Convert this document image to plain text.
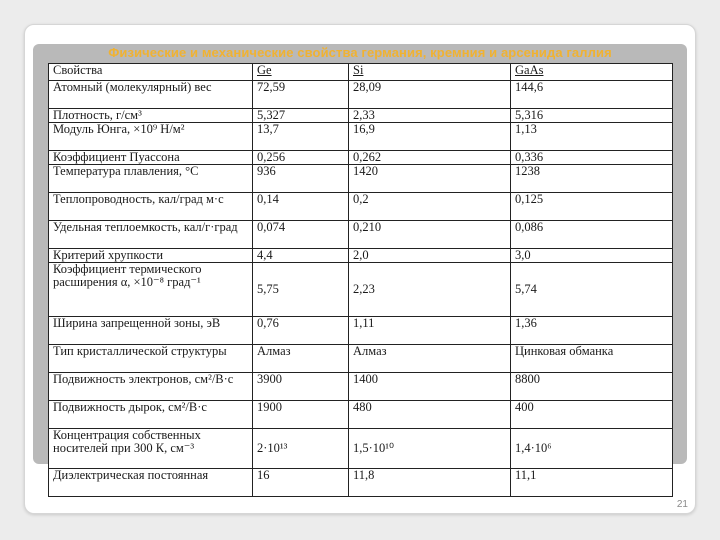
Физические и механические свойства германия, кремния и арсенида галлия
Свойства	Ge	Si	GaAs
Атомный (молекулярный) вес	72,59	28,09	144,6
Плотность, г/см³	5,327	2,33	5,316
Модуль Юнга, ×10⁹ Н/м²	13,7	16,9	1,13
Коэффициент Пуассона	0,256	0,262	0,336
Температура плавления, °С	936	1420	1238
Теплопроводность, кал/град м·с	0,14	0,2	0,125
Удельная теплоемкость, кал/г·град	0,074	0,210	0,086
Критерий хрупкости	4,4	2,0	3,0
Коэффициент термического расширения α, ×10⁻⁸ град⁻¹	5,75	2,23	5,74
Ширина запрещенной зоны, эВ	0,76	1,11	1,36
Тип кристаллической структуры	Алмаз	Алмаз	Цинковая обманка
Подвижность электронов, см²/В·с	3900	1400	8800
Подвижность дырок, см²/В·с	1900	480	400
Концентрация собственных носителей при 300 К, см⁻³	2·10¹³	1,5·10¹⁰	1,4·10⁶
Диэлектрическая постоянная	16	11,8	11,1
21
